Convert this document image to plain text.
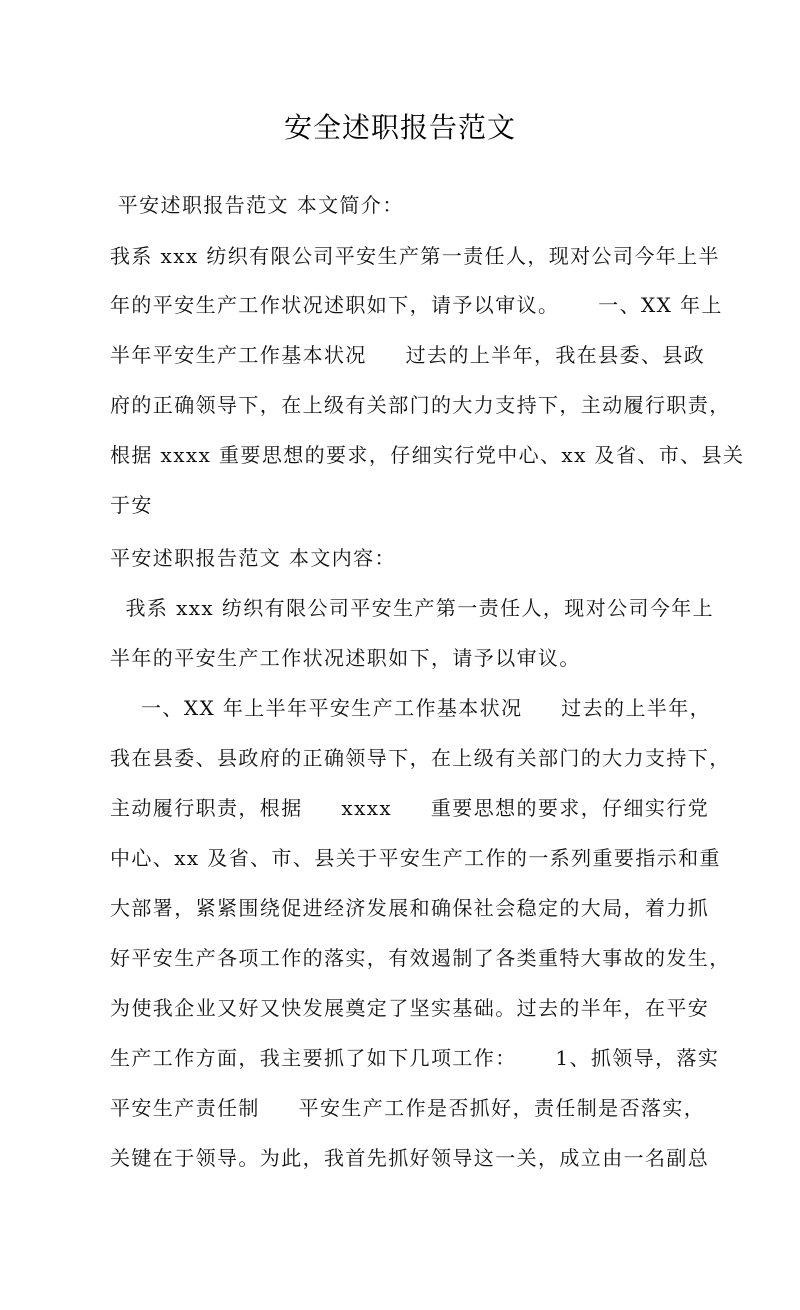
安全述职报告范文
平安述职报告范文 本文简介：
我系 xxx 纺织有限公司平安生产第一责任人，现对公司今年上半
年的平安生产工作状况述职如下，请予以审议。     一、XX 年上
半年平安生产工作基本状况     过去的上半年，我在县委、县政
府的正确领导下，在上级有关部门的大力支持下，主动履行职责，
根据 xxxx 重要思想的要求，仔细实行党中心、xx 及省、市、县关
于安
平安述职报告范文 本文内容：
我系 xxx 纺织有限公司平安生产第一责任人，现对公司今年上
半年的平安生产工作状况述职如下，请予以审议。
一、XX 年上半年平安生产工作基本状况     过去的上半年，
我在县委、县政府的正确领导下，在上级有关部门的大力支持下，
主动履行职责，根据     xxxx     重要思想的要求，仔细实行党
中心、xx 及省、市、县关于平安生产工作的一系列重要指示和重
大部署，紧紧围绕促进经济发展和确保社会稳定的大局，着力抓
好平安生产各项工作的落实，有效遏制了各类重特大事故的发生，
为使我企业又好又快发展奠定了坚实基础。过去的半年，在平安
生产工作方面，我主要抓了如下几项工作：     1、抓领导，落实
平安生产责任制     平安生产工作是否抓好，责任制是否落实，
关键在于领导。为此，我首先抓好领导这一关，成立由一名副总
